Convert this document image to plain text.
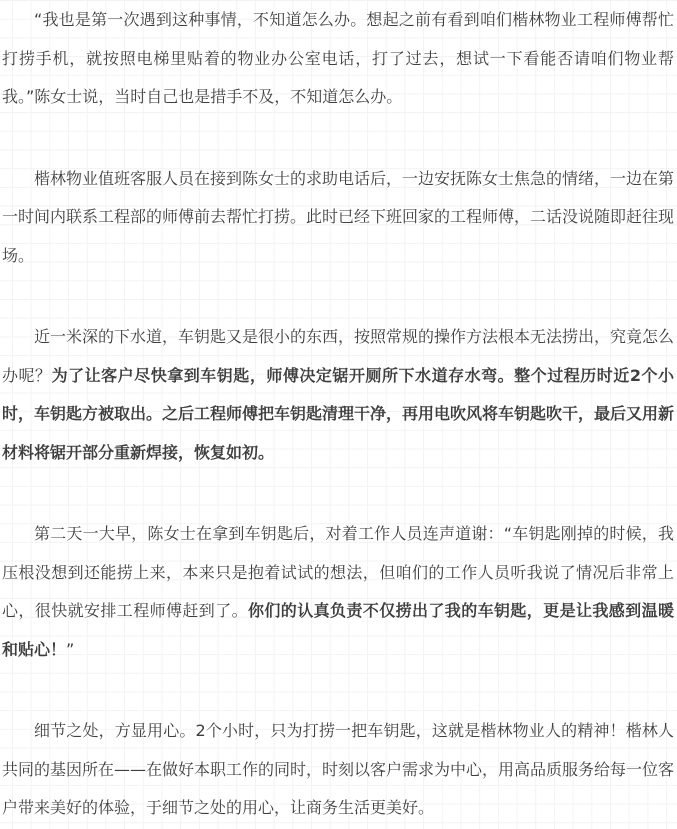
“我也是第一次遇到这种事情，不知道怎么办。想起之前有看到咱们楷林物业工程师傅帮忙打捞手机，就按照电梯里贴着的物业办公室电话，打了过去，想试一下看能否请咱们物业帮我。”陈女士说，当时自己也是措手不及，不知道怎么办。

楷林物业值班客服人员在接到陈女士的求助电话后，一边安抚陈女士焦急的情绪，一边在第一时间内联系工程部的师傅前去帮忙打捞。此时已经下班回家的工程师傅，二话没说随即赶往现场。

近一米深的下水道，车钥匙又是很小的东西，按照常规的操作方法根本无法捞出，究竟怎么办呢？为了让客户尽快拿到车钥匙，师傅决定锯开厕所下水道存水弯。整个过程历时近2个小时，车钥匙方被取出。之后工程师傅把车钥匙清理干净，再用电吹风将车钥匙吹干，最后又用新材料将锯开部分重新焊接，恢复如初。

第二天一大早，陈女士在拿到车钥匙后，对着工作人员连声道谢：“车钥匙刚掉的时候，我压根没想到还能捞上来，本来只是抱着试试的想法，但咱们的工作人员听我说了情况后非常上心，很快就安排工程师傅赶到了。你们的认真负责不仅捞出了我的车钥匙，更是让我感到温暖和贴心！”

细节之处，方显用心。2个小时，只为打捞一把车钥匙，这就是楷林物业人的精神！楷林人共同的基因所在——在做好本职工作的同时，时刻以客户需求为中心，用高品质服务给每一位客户带来美好的体验，于细节之处的用心，让商务生活更美好。
